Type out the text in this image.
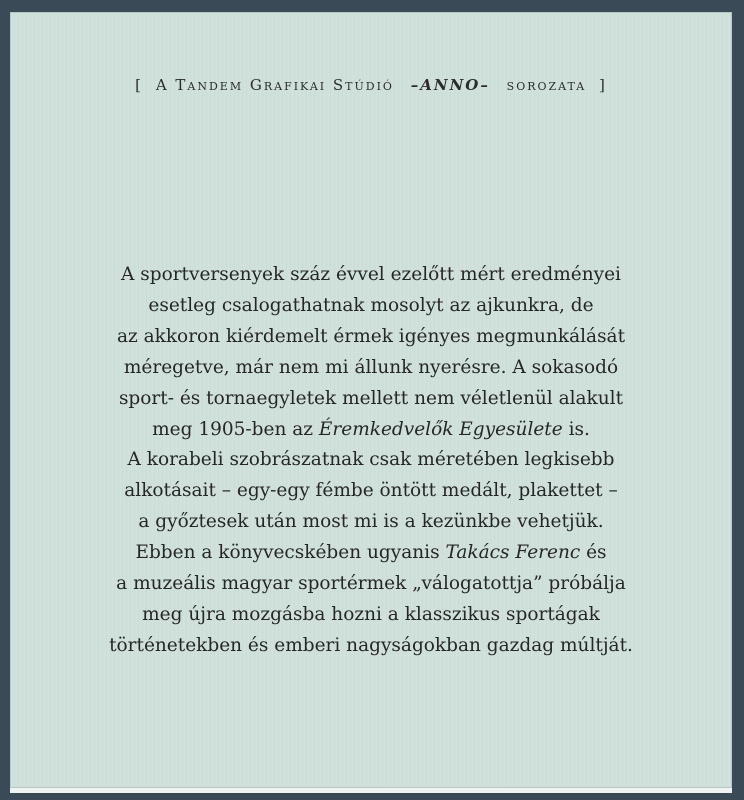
[ A Tandem Grafikai Stúdió –ANNO– sorozata ]
A sportversenyek száz évvel ezelőtt mért eredményei
esetleg csalogathatnak mosolyt az ajkunkra, de
az akkoron kiérdemelt érmek igényes megmunkálását
méregetve, már nem mi állunk nyerésre. A sokasodó
sport- és tornaegyletek mellett nem véletlenül alakult
meg 1905-ben az Éremkedvelők Egyesülete is.
A korabeli szobrászatnak csak méretében legkisebb
alkotásait – egy-egy fémbe öntött medált, plakettet –
a győztesek után most mi is a kezünkbe vehetjük.
Ebben a könyvecskében ugyanis Takács Ferenc és
a muzeális magyar sportérmek „válogatottja” próbálja
meg újra mozgásba hozni a klasszikus sportágak
történetekben és emberi nagyságokban gazdag múltját.
